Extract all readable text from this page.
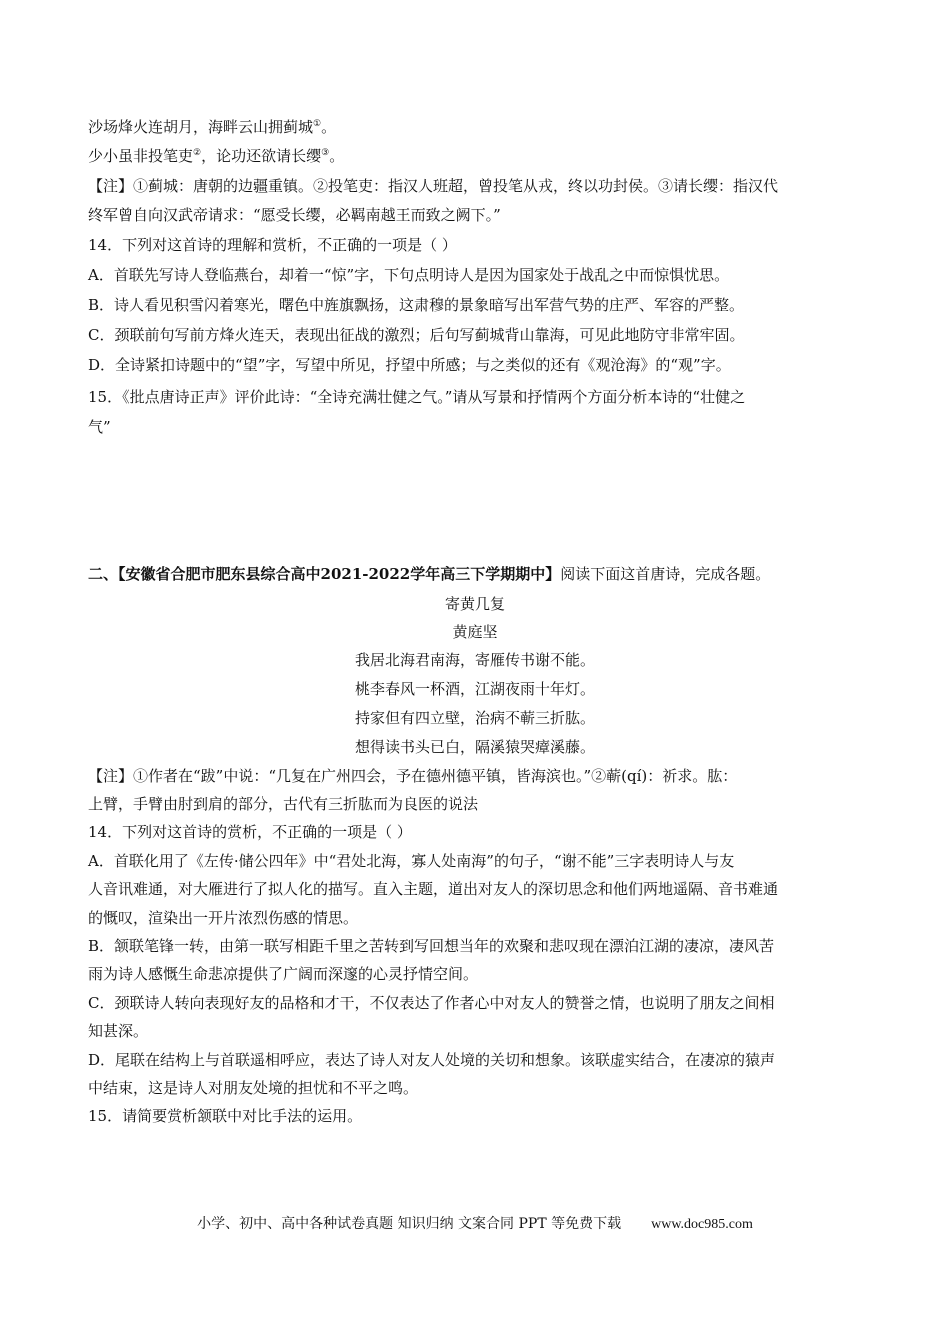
沙场烽火连胡月，海畔云山拥蓟城①。
少小虽非投笔吏②，论功还欲请长缨③。
【注】①蓟城：唐朝的边疆重镇。②投笔吏：指汉人班超，曾投笔从戎，终以功封侯。③请长缨：指汉代
终军曾自向汉武帝请求：“愿受长缨，必羁南越王而致之阙下。”
14．下列对这首诗的理解和赏析，不正确的一项是（ ）
A．首联先写诗人登临燕台，却着一“惊”字，下句点明诗人是因为国家处于战乱之中而惊惧忧思。
B．诗人看见积雪闪着寒光，曙色中旌旗飘扬，这肃穆的景象暗写出军营气势的庄严、军容的严整。
C．颈联前句写前方烽火连天，表现出征战的激烈；后句写蓟城背山靠海，可见此地防守非常牢固。
D．全诗紧扣诗题中的“望”字，写望中所见，抒望中所感；与之类似的还有《观沧海》的“观”字。
15．《批点唐诗正声》评价此诗：“全诗充满壮健之气。”请从写景和抒情两个方面分析本诗的“壮健之
气”
二、【安徽省合肥市肥东县综合高中2021-2022学年高三下学期期中】阅读下面这首唐诗，完成各题。
寄黄几复
黄庭坚
我居北海君南海，寄雁传书谢不能。
桃李春风一杯酒，江湖夜雨十年灯。
持家但有四立壁，治病不蕲三折肱。
想得读书头已白，隔溪猿哭瘴溪藤。
【注】①作者在“跋”中说：“几复在广州四会，予在德州德平镇，皆海滨也。”②蕲(qí)：祈求。肱：
上臂，手臂由肘到肩的部分，古代有三折肱而为良医的说法
14．下列对这首诗的赏析，不正确的一项是（ ）
A．首联化用了《左传·储公四年》中“君处北海，寡人处南海”的句子，“谢不能”三字表明诗人与友
人音讯难通，对大雁进行了拟人化的描写。直入主题，道出对友人的深切思念和他们两地遥隔、音书难通
的慨叹，渲染出一开片浓烈伤感的情思。
B．颔联笔锋一转，由第一联写相距千里之苦转到写回想当年的欢聚和悲叹现在漂泊江湖的凄凉，凄风苦
雨为诗人感慨生命悲凉提供了广阔而深邃的心灵抒情空间。
C．颈联诗人转向表现好友的品格和才干，不仅表达了作者心中对友人的赞誉之情，也说明了朋友之间相
知甚深。
D．尾联在结构上与首联遥相呼应，表达了诗人对友人处境的关切和想象。该联虚实结合，在凄凉的猿声
中结束，这是诗人对朋友处境的担忧和不平之鸣。
15．请简要赏析颔联中对比手法的运用。
小学、初中、高中各种试卷真题 知识归纳 文案合同 PPT 等免费下载 www.doc985.com
